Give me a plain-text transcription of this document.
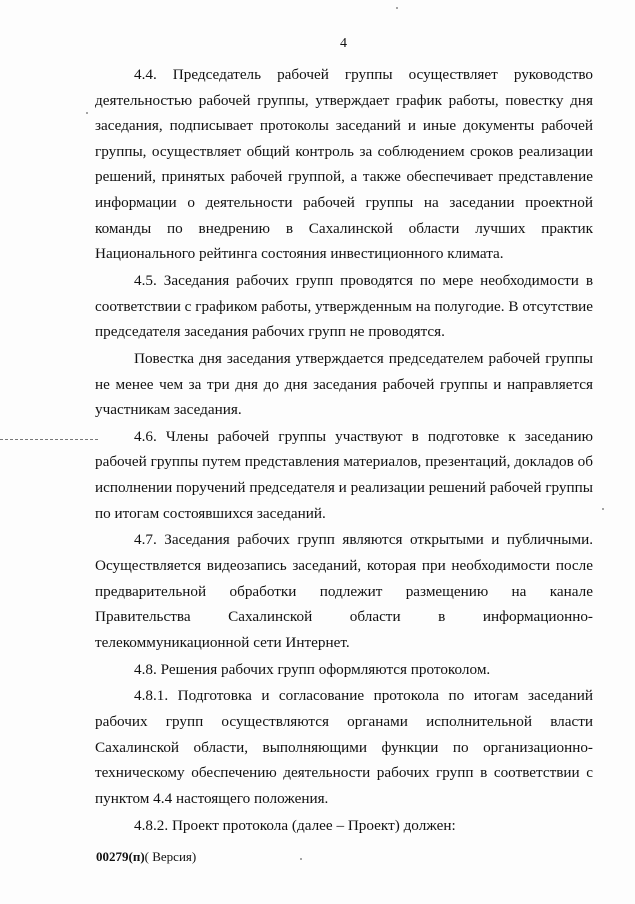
4

4.4. Председатель рабочей группы осуществляет руководство деятельностью рабочей группы, утверждает график работы, повестку дня заседания, подписывает протоколы заседаний и иные документы рабочей группы, осуществляет общий контроль за соблюдением сроков реализации решений, принятых рабочей группой, а также обеспечивает представление информации о деятельности рабочей группы на заседании проектной команды по внедрению в Сахалинской области лучших практик Национального рейтинга состояния инвестиционного климата.

4.5. Заседания рабочих групп проводятся по мере необходимости в соответствии с графиком работы, утвержденным на полугодие. В отсутствие председателя заседания рабочих групп не проводятся.

Повестка дня заседания утверждается председателем рабочей группы не менее чем за три дня до дня заседания рабочей группы и направляется участникам заседания.

4.6. Члены рабочей группы участвуют в подготовке к заседанию рабочей группы путем представления материалов, презентаций, докладов об исполнении поручений председателя и реализации решений рабочей группы по итогам состоявшихся заседаний.

4.7. Заседания рабочих групп являются открытыми и публичными. Осуществляется видеозапись заседаний, которая при необходимости после предварительной обработки подлежит размещению на канале Правительства Сахалинской области в информационно-телекоммуникационной сети Интернет.

4.8. Решения рабочих групп оформляются протоколом.

4.8.1. Подготовка и согласование протокола по итогам заседаний рабочих групп осуществляются органами исполнительной власти Сахалинской области, выполняющими функции по организационно-техническому обеспечению деятельности рабочих групп в соответствии с пунктом 4.4 настоящего положения.

4.8.2. Проект протокола (далее – Проект) должен:

00279(п)( Версия)
